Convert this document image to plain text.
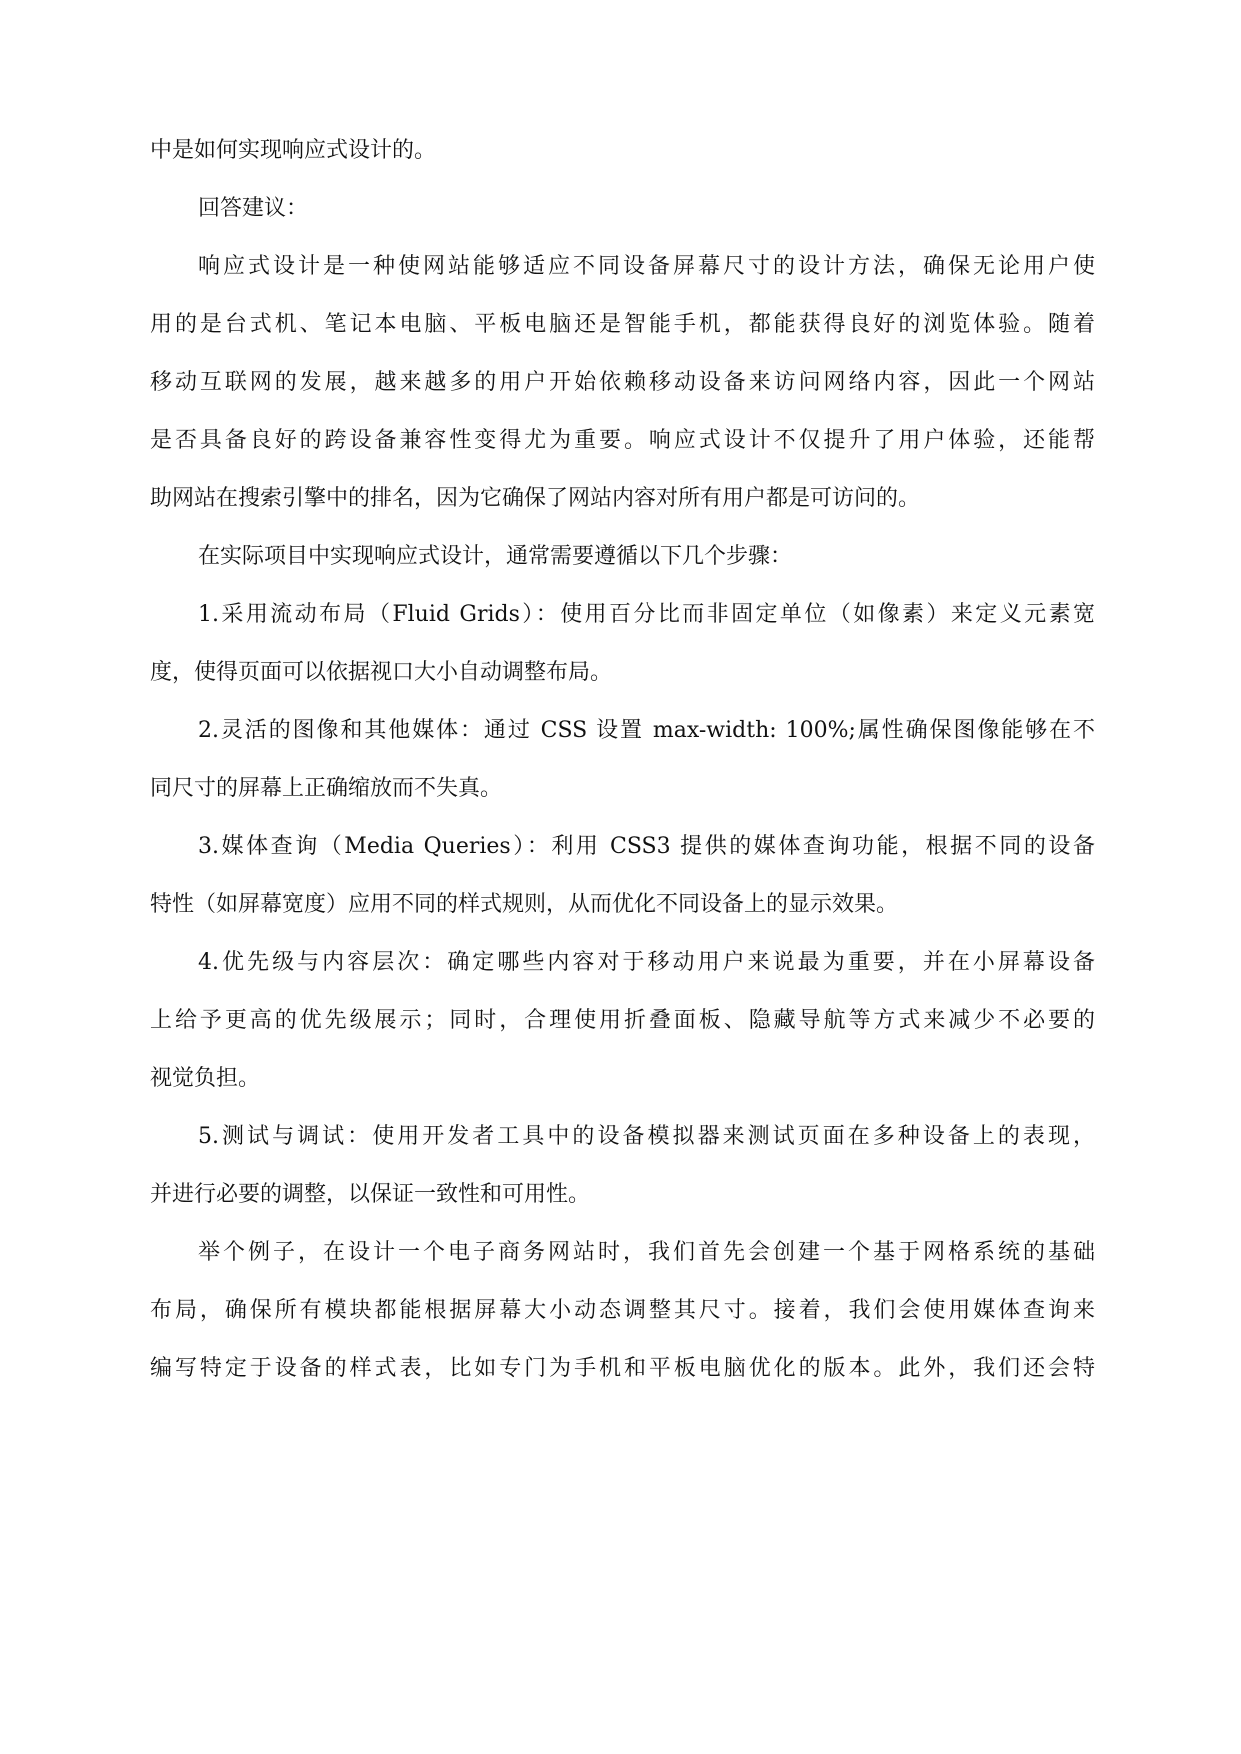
中是如何实现响应式设计的。
回答建议：
响应式设计是一种使网站能够适应不同设备屏幕尺寸的设计方法，确保无论用户使
用的是台式机、笔记本电脑、平板电脑还是智能手机，都能获得良好的浏览体验。随着
移动互联网的发展，越来越多的用户开始依赖移动设备来访问网络内容，因此一个网站
是否具备良好的跨设备兼容性变得尤为重要。响应式设计不仅提升了用户体验，还能帮
助网站在搜索引擎中的排名，因为它确保了网站内容对所有用户都是可访问的。
在实际项目中实现响应式设计，通常需要遵循以下几个步骤：
1.采用流动布局（Fluid Grids）：使用百分比而非固定单位（如像素）来定义元素宽
度，使得页面可以依据视口大小自动调整布局。
2.灵活的图像和其他媒体：通过 CSS 设置 max-width: 100%;属性确保图像能够在不
同尺寸的屏幕上正确缩放而不失真。
3.媒体查询（Media Queries）：利用 CSS3 提供的媒体查询功能，根据不同的设备
特性（如屏幕宽度）应用不同的样式规则，从而优化不同设备上的显示效果。
4.优先级与内容层次：确定哪些内容对于移动用户来说最为重要，并在小屏幕设备
上给予更高的优先级展示；同时，合理使用折叠面板、隐藏导航等方式来减少不必要的
视觉负担。
5.测试与调试：使用开发者工具中的设备模拟器来测试页面在多种设备上的表现，
并进行必要的调整，以保证一致性和可用性。
举个例子，在设计一个电子商务网站时，我们首先会创建一个基于网格系统的基础
布局，确保所有模块都能根据屏幕大小动态调整其尺寸。接着，我们会使用媒体查询来
编写特定于设备的样式表，比如专门为手机和平板电脑优化的版本。此外，我们还会特
